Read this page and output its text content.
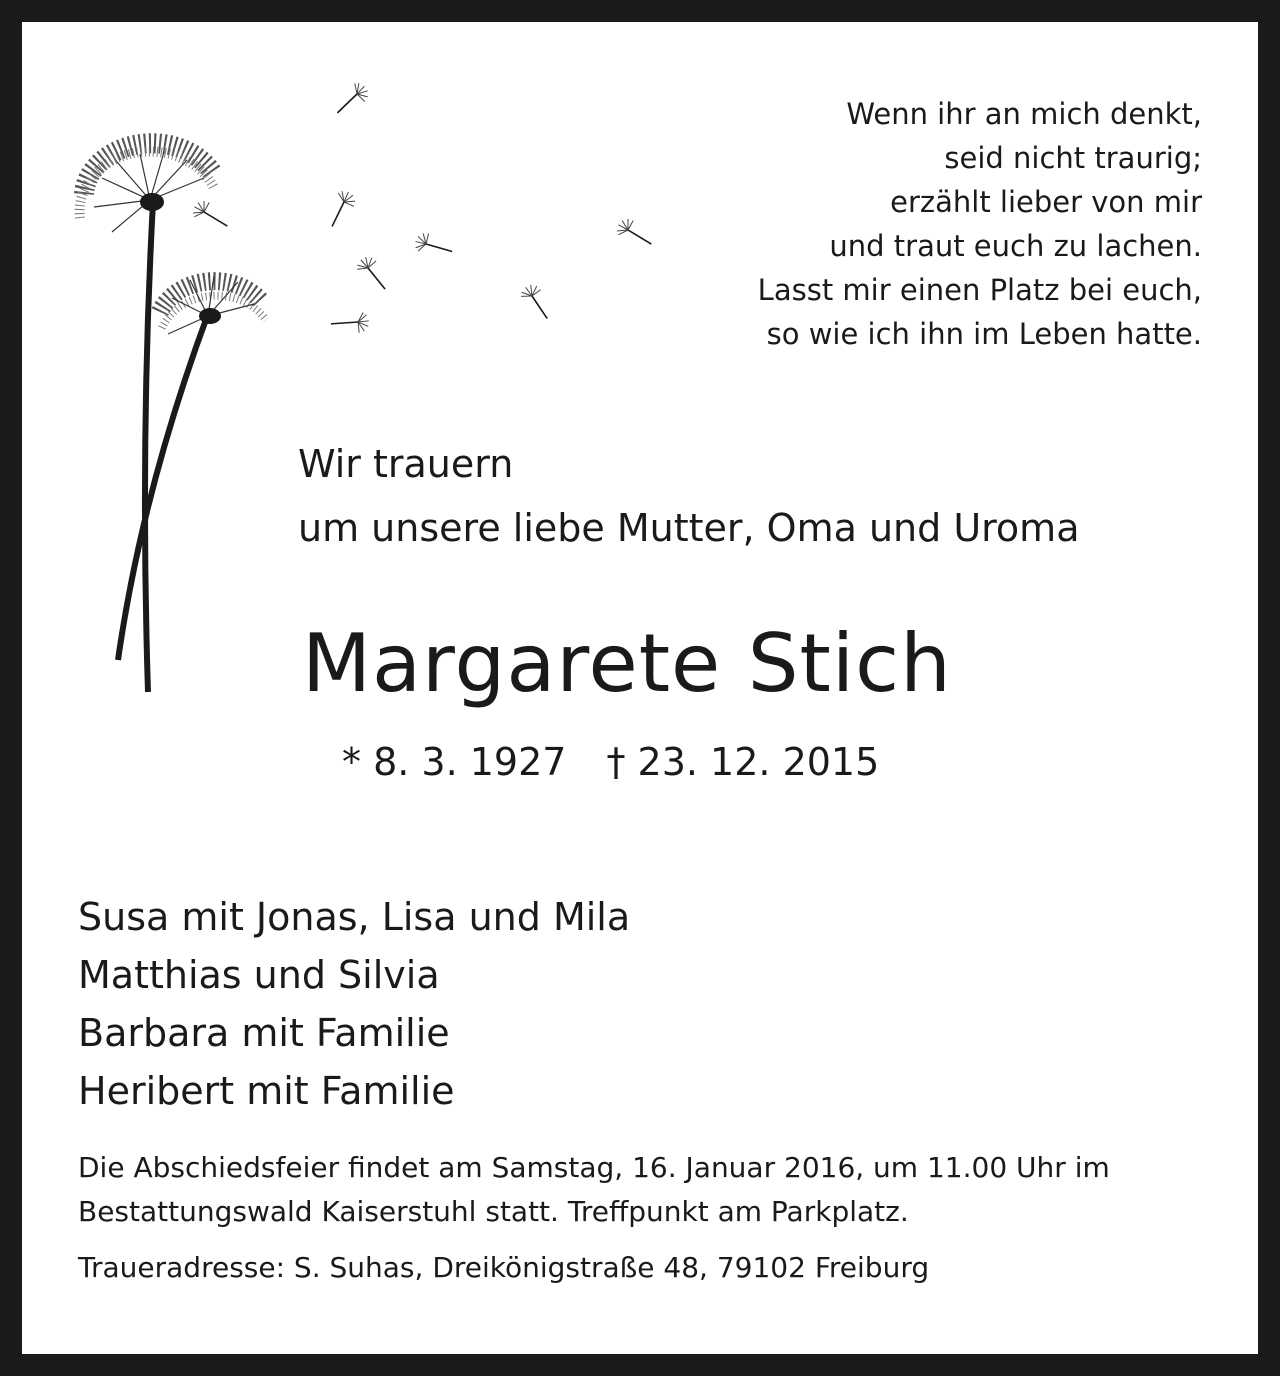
Wenn ihr an mich denkt,
seid nicht traurig;
erzählt lieber von mir
und traut euch zu lachen.
Lasst mir einen Platz bei euch,
so wie ich ihn im Leben hatte.
Wir trauern
um unsere liebe Mutter, Oma und Uroma
Margarete Stich
* 8. 3. 1927 † 23. 12. 2015
Susa mit Jonas, Lisa und Mila
Matthias und Silvia
Barbara mit Familie
Heribert mit Familie
Die Abschiedsfeier findet am Samstag, 16. Januar 2016, um 11.00 Uhr im
Bestattungswald Kaiserstuhl statt. Treffpunkt am Parkplatz.
Traueradresse: S. Suhas, Dreikönigstraße 48, 79102 Freiburg
